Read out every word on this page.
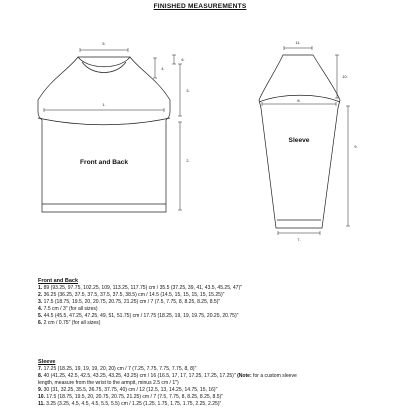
FINISHED MEASUREMENTS
Front and Back
5.
6.
4.
1.
3.
2.
Sleeve
11.
10.
8.
9.
7.
Front and Back
1. 89 (93.25, 97.75, 102.25, 109, 113.25, 117.75) cm / 35.5 (37.25, 39, 41, 43.5, 45.25, 47)"
2. 36.25 (36.25, 37.5, 37.5, 37.5, 37.5, 38.5) cm / 14.5 (14.5, 15, 15, 15, 15, 15.25)"
3. 17.5 (18.75, 19.5, 20, 20.75, 20.75, 21.25) cm / 7 (7.5, 7.75, 8, 8.25, 8.25, 8.5)"
4. 7.5 cm / 3" (for all sizes)
5. 44.5 (45.5, 47.25, 47.25, 49, 51, 51.75) cm / 17.75 (18.25, 19, 19, 19.75, 20.25, 20.75)"
6. 2 cm / 0.75" (for all sizes)
Sleeve
7. 17.25 (18.25, 19, 19, 19, 20, 20) cm / 7 (7.25, 7.75, 7.75, 7.75, 8, 8)"
8. 40 (41.25, 42.5, 42.5, 43.25, 43.25, 43.25) cm / 16 (16.5, 17, 17, 17.25, 17.25, 17.25)" (Note: for a custom sleeve
length, measure from the wrist to the armpit, minus 2.5 cm / 1")
9. 30 (31, 32.25, 35.5, 36.75, 37.75, 40) cm / 12 (12.5, 13, 14.25, 14.75, 15, 16)"
10. 17.5 (18.75, 19.5, 20, 20.75, 20.75, 21.25) cm / 7 (7.5, 7.75, 8, 8.25, 8.25, 8.5)"
11. 3.25 (3.25, 4.5, 4.5, 4.5, 5.5, 5.5) cm / 1.25 (1.25, 1.75, 1.75, 1.75, 2.25, 2.25)"
